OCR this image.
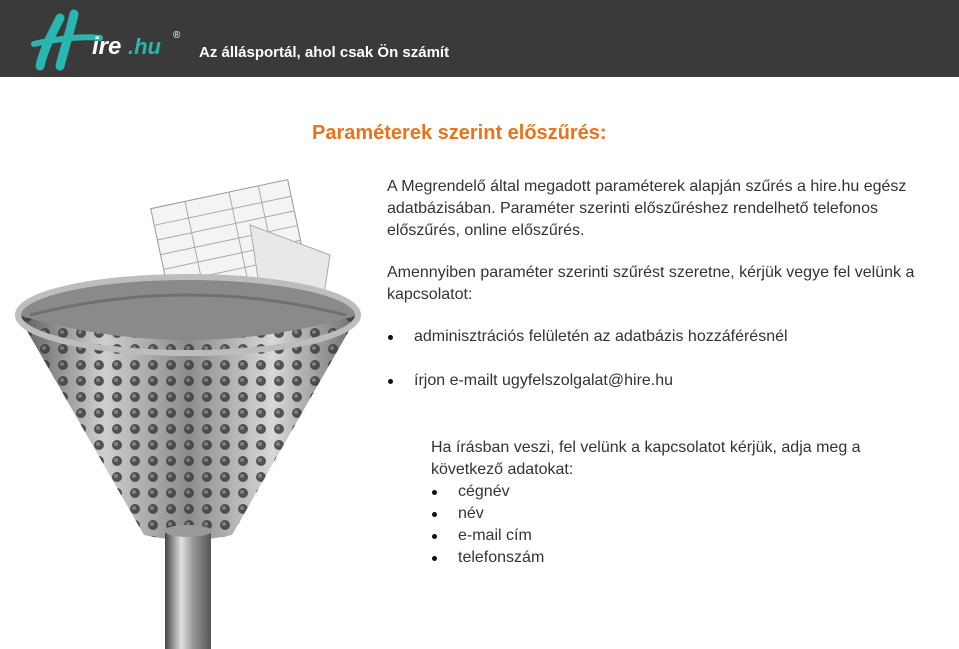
ire .hu ®
Az állásportál, ahol csak Ön számít
Paraméterek szerint előszűrés:
A Megrendelő által megadott paraméterek alapján szűrés a hire.hu egész adatbázisában. Paraméter szerinti előszűréshez rendelhető telefonos előszűrés, online előszűrés.
Amennyiben paraméter szerinti szűrést szeretne, kérjük vegye fel velünk a kapcsolatot:
adminisztrációs felületén az adatbázis hozzáférésnél
írjon e-mailt ugyfelszolgalat@hire.hu
Ha írásban veszi, fel velünk a kapcsolatot kérjük, adja meg a következő adatokat:
cégnév
név
e-mail cím
telefonszám
